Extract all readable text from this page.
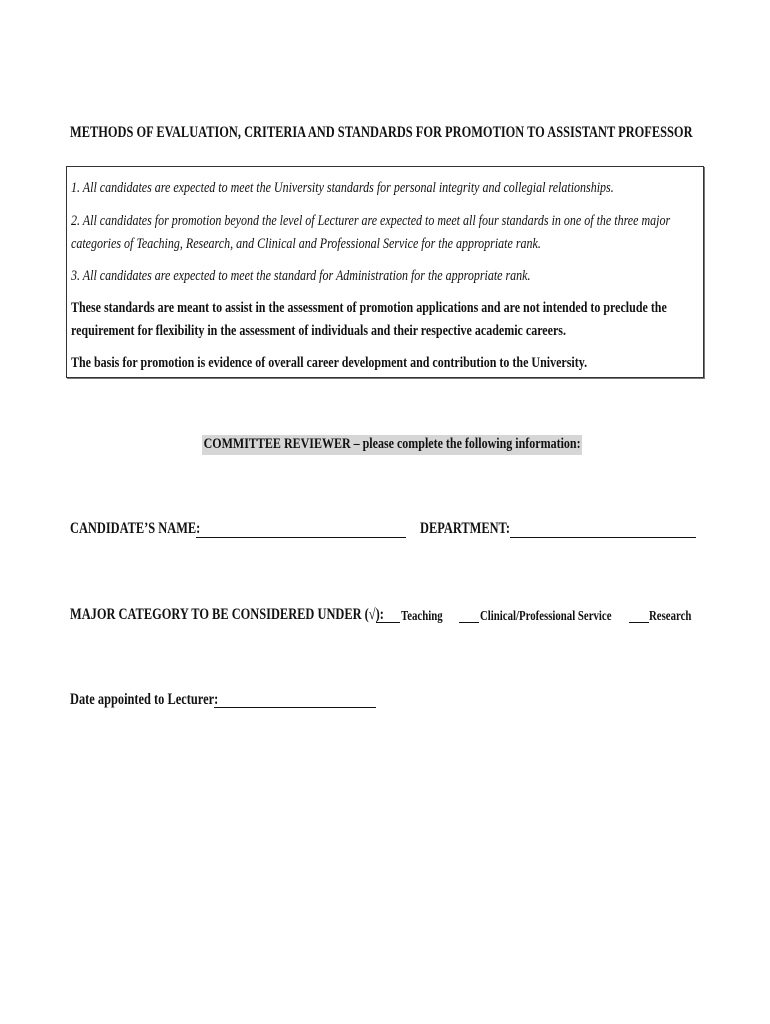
METHODS OF EVALUATION, CRITERIA AND STANDARDS FOR PROMOTION TO ASSISTANT PROFESSOR
1. All candidates are expected to meet the University standards for personal integrity and collegial relationships.
2. All candidates for promotion beyond the level of Lecturer are expected to meet all four standards in one of the three major
categories of Teaching, Research, and Clinical and Professional Service for the appropriate rank.
3. All candidates are expected to meet the standard for Administration for the appropriate rank.
These standards are meant to assist in the assessment of promotion applications and are not intended to preclude the
requirement for flexibility in the assessment of individuals and their respective academic careers.
The basis for promotion is evidence of overall career development and contribution to the University.
COMMITTEE REVIEWER – please complete the following information:
CANDIDATE’S NAME:	DEPARTMENT:
MAJOR CATEGORY TO BE CONSIDERED UNDER (√): Teaching	Clinical/Professional Service	Research
Date appointed to Lecturer:
